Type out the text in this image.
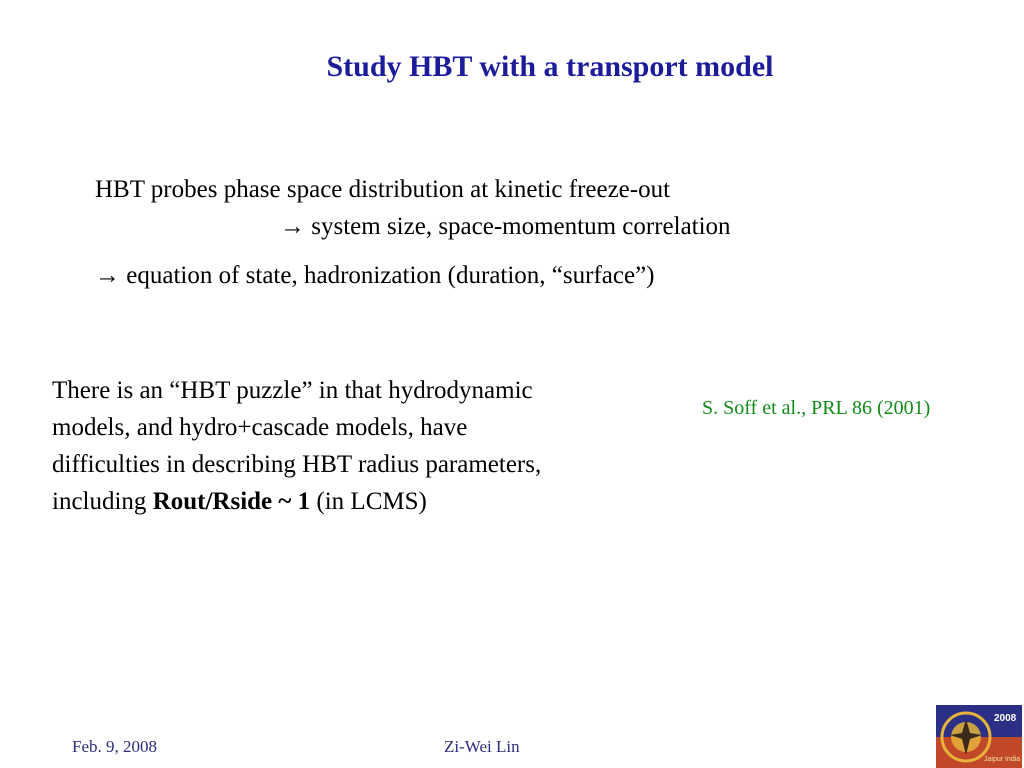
Study HBT with a transport model
HBT probes phase space distribution at kinetic freeze-out
→ system size, space-momentum correlation
→ equation of state, hadronization (duration, “surface”)
There is an “HBT puzzle” in that hydrodynamic
models, and hydro+cascade models, have
difficulties in describing HBT radius parameters,
including Rout/Rside ~ 1 (in LCMS)
S. Soff et al., PRL 86 (2001)
Feb. 9, 2008	Zi-Wei Lin
2008
Jaipur India
